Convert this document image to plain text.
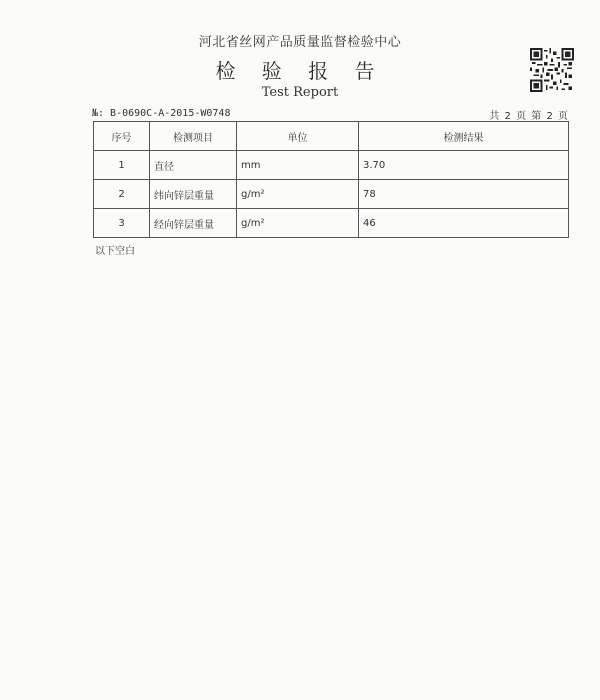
河北省丝网产品质量监督检验中心
检 验 报 告
Test Report
№: B-0690C-A-2015-W0748	共 2 页 第 2 页
序号	检测项目	单位	检测结果
1	直径	mm	3.70
2	纬向锌层重量	g/m²	78
3	经向锌层重量	g/m²	46
以下空白
